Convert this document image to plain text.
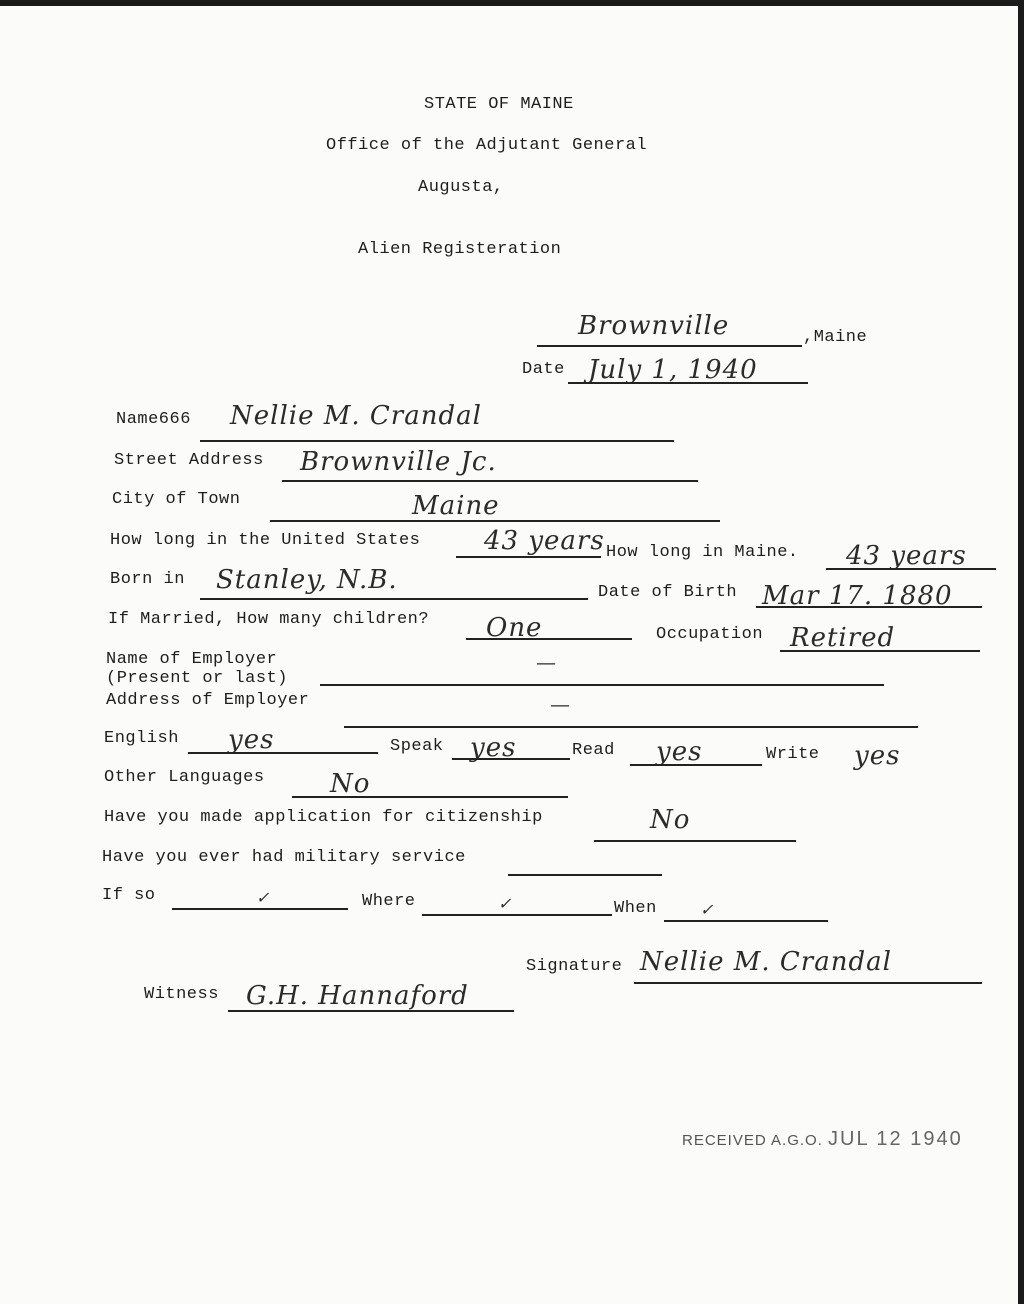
STATE OF MAINE
Office of the Adjutant General
Augusta,
Alien Registeration
Brownville	,Maine
Date July 1, 1940
Name666 Nellie M. Crandal
Street Address Brownville Jc.
City of Town	Maine
How long in the United States 43 years How long in Maine. 43 years
Born in Stanley, N.B.	Date of Birth Mar 17. 1880
If Married, How many children? One	Occupation Retired
Name of Employer
(Present or last)
—
Address of Employer	—
English yes	Speak yes	Read yes	Write yes
Other Languages	No
Have you made application for citizenship	No
Have you ever had military service
If so	✓	Where	✓	When	✓
Signature Nellie M. Crandal
Witness G.H. Hannaford
RECEIVED A.G.O. JUL 12 1940
